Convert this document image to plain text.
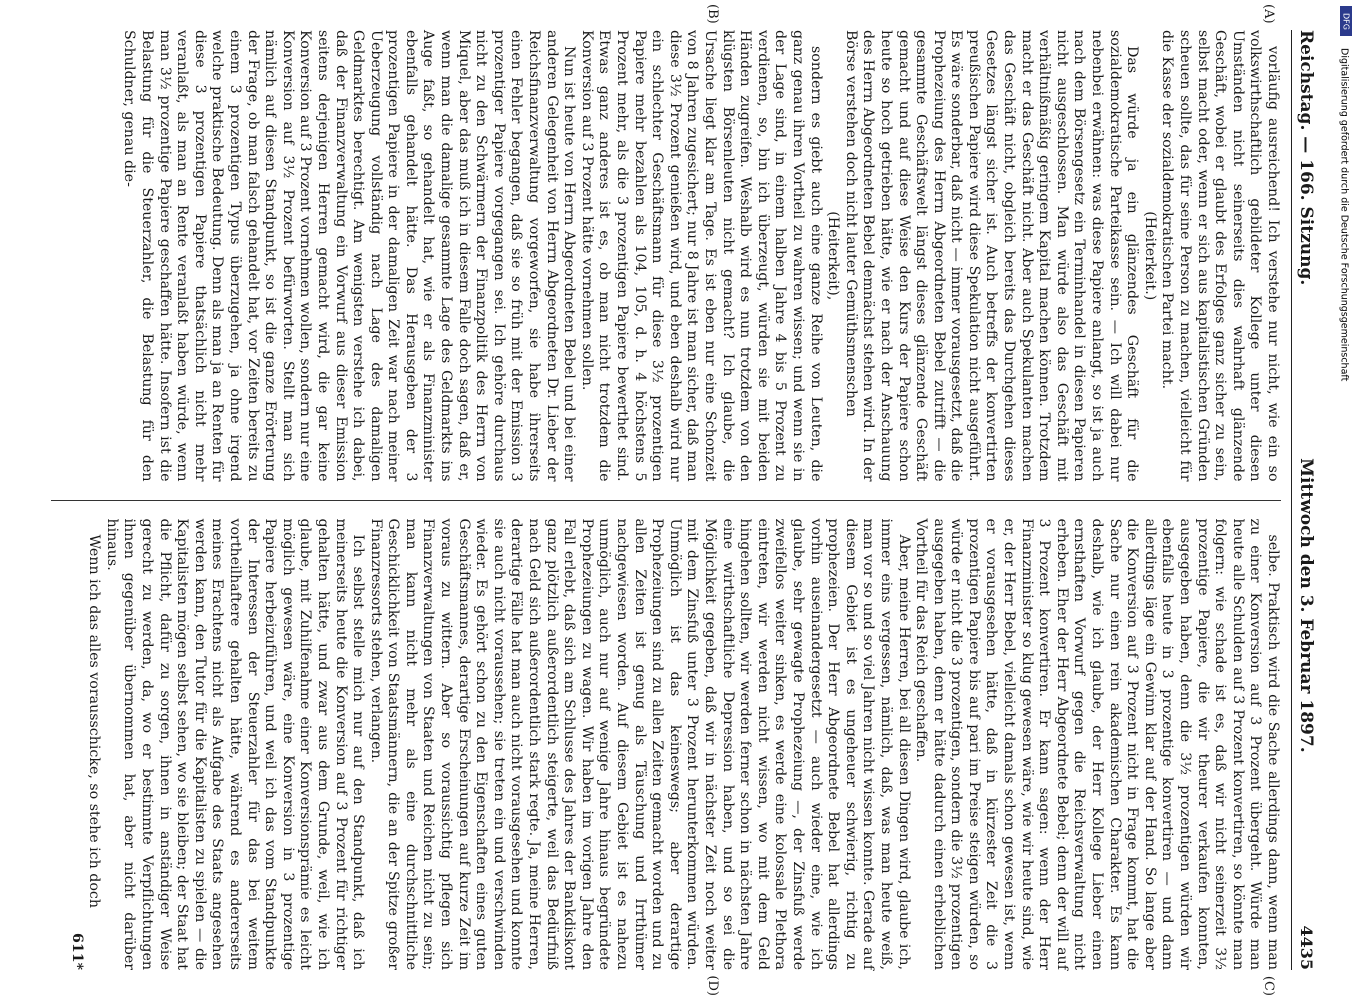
Reichstag. — 166. Sitzung.
Mittwoch den 3. Februar 1897.
4435

vorläufig ausreichend! Ich verstehe nur nicht, wie ein so volkswirthschaftlich gebildeter Kollege unter diesen Umständen nicht seinerseits dies wahrhaft glänzende Geschäft, wobei er glaubt des Erfolges ganz sicher zu sein, selbst macht oder, wenn er sich aus kapitalistischen Gründen scheuen sollte, das für seine Person zu machen, vielleicht für die Kasse der sozialdemokratischen Partei macht.

(Heiterkeit.)

Das würde ja ein glänzendes Geschäft für die sozialdemokratische Parteikasse sein. — Ich will dabei nur nebenbei erwähnen: was diese Papiere anlangt, so ist ja auch nach dem Börsengesetz ein Terminhandel in diesen Papieren nicht ausgeschlossen. Man würde also das Geschäft mit verhältnißmäßig geringem Kapital machen können. Trotzdem macht er das Geschäft nicht. Aber auch Spekulanten machen das Geschäft nicht, obgleich bereits das Durchgehen dieses Gesetzes längst sicher ist. Auch betreffs der konvertirten preußischen Papiere wird diese Spekulation nicht ausgeführt. Es wäre sonderbar, daß nicht — immer vorausgesetzt, daß die Prophezeiung des Herrn Abgeordneten Bebel zutrifft — die gesammte Geschäftswelt längst dieses glänzende Geschäft gemacht und auf diese Weise den Kurs der Papiere schon heute so hoch getrieben hätte, wie er nach der Anschauung des Herrn Abgeordneten Bebel demnächst stehen wird. In der Börse verstehen doch nicht lauter Gemüthsmenschen

(Heiterkeit),

sondern es giebt auch eine ganze Reihe von Leuten, die ganz genau ihren Vortheil zu wahren wissen; und wenn sie in der Lage sind, in einem halben Jahre 4 bis 5 Prozent zu verdienen, so, bin ich überzeugt, würden sie mit beiden Händen zugreifen. Weshalb wird es nun trotzdem von den klügsten Börsenleuten nicht gemacht? Ich glaube, die Ursache liegt klar am Tage. Es ist eben nur eine Schonzeit von 8 Jahren zugesichert; nur 8 Jahre ist man sicher, daß man diese 3½ Prozent genießen wird, und eben deshalb wird nur ein schlechter Geschäftsmann für diese 3½ prozentigen Papiere mehr bezahlen als 104, 105, d. h. 4 höchstens 5 Prozent mehr, als die 3 prozentigen Papiere bewerthet sind. Etwas ganz anderes ist es, ob man nicht trotzdem die Konversion auf 3 Prozent hätte vornehmen sollen.

Nun ist heute von Herrn Abgeordneten Bebel und bei einer anderen Gelegenheit von Herrn Abgeordneten Dr. Lieber der Reichsfinanzverwaltung vorgeworfen, sie habe ihrerseits einen Fehler begangen, daß sie so früh mit der Emission 3 prozentiger Papiere vorgegangen sei. Ich gehöre durchaus nicht zu den Schwärmern der Finanzpolitik des Herrn von Miquel, aber das muß ich in diesem Falle doch sagen, daß er, wenn man die damalige gesammte Lage des Geldmarkts ins Auge faßt, so gehandelt hat, wie er als Finanzminister ebenfalls gehandelt hätte. Das Herausgeben der 3 prozentigen Papiere in der damaligen Zeit war nach meiner Ueberzeugung vollständig nach Lage des damaligen Geldmarktes berechtigt. Am wenigsten verstehe ich dabei, daß der Finanzverwaltung ein Vorwurf aus dieser Emission seitens derjenigen Herren gemacht wird, die gar keine Konversion auf 3 Prozent vornehmen wollen, sondern nur eine Konversion auf 3½ Prozent befürworten. Stellt man sich nämlich auf diesen Standpunkt, so ist die ganze Erörterung der Frage, ob man falsch gehandelt hat, vor Zeiten bereits zu einem 3 prozentigen Typus überzugehen, ja ohne irgend welche praktische Bedeutung. Denn als man ja an Renten für diese 3 prozentigen Papiere thatsächlich nicht mehr veranlaßt, als man an Rente veranlaßt haben würde, wenn man 3½ prozentige Papiere geschaffen hätte. Insofern ist die Belastung für die Steuerzahler, die Belastung für den Schuldner, genau die-

(A)
(B)

selbe. Praktisch wird die Sache allerdings dann, wenn man zu einer Konversion auf 3 Prozent übergeht. Würde man heute alle Schulden auf 3 Prozent konvertiren, so könnte man folgern: wie schade ist es, daß wir nicht seinerzeit 3½ prozentige Papiere, die wir theurer verkaufen konnten, ausgegeben haben, denn die 3½ prozentigen würden wir ebenfalls heute in 3 prozentige konvertiren — und dann allerdings läge ein Gewinn klar auf der Hand. So lange aber die Konversion auf 3 Prozent nicht in Frage kommt, hat die Sache nur einen rein akademischen Charakter. Es kann deshalb, wie ich glaube, der Herr Kollege Lieber einen ernsthaften Vorwurf gegen die Reichsverwaltung nicht erheben. Eher der Herr Abgeordnete Bebel; denn der will auf 3 Prozent konvertiren. Er kann sagen: wenn der Herr Finanzminister so klug gewesen wäre, wie wir heute sind, wie er, der Herr Bebel, vielleicht damals schon gewesen ist, wenn er vorausgesehen hätte, daß in kürzester Zeit die 3 prozentigen Papiere bis auf pari im Preise steigen würden, so würde er nicht die 3 prozentigen, sondern die 3½ prozentigen ausgegeben haben, denn er hätte dadurch einen erheblichen Vortheil für das Reich geschaffen.

Aber, meine Herren, bei all diesen Dingen wird, glaube ich, immer eins vergessen, nämlich, daß, was man heute weiß, man vor so und so viel Jahren nicht wissen konnte. Gerade auf diesem Gebiet ist es ungeheuer schwierig, richtig zu prophezeien. Der Herr Abgeordnete Bebel hat allerdings vorhin auseinandergesetzt — auch wieder eine, wie ich glaube, sehr gewagte Prophezeiung —, der Zinsfuß werde zweifellos weiter sinken, es werde eine kolossale Plethora eintreten, wir werden nicht wissen, wo mit dem Geld hingehen sollten, wir werden ferner schon in nächsten Jahre eine wirthschaftliche Depression haben, und so sei die Möglichkeit gegeben, daß wir in nächster Zeit noch weiter mit dem Zinsfuß unter 3 Prozent herunterkommen würden. Unmöglich ist das keineswegs; aber derartige Prophezeiungen sind zu allen Zeiten gemacht worden und zu allen Zeiten ist genug als Täuschung und Irrthümer nachgewiesen worden. Auf diesem Gebiet ist es nahezu unmöglich, auch nur auf wenige Jahre hinaus begründete Prophezeiungen zu wagen. Wir haben im vorigen Jahre den Fall erlebt, daß sich am Schlusse des Jahres der Bankdiskont ganz plötzlich außerordentlich steigerte, weil das Bedürfniß nach Geld sich außerordentlich stark regte. Ja, meine Herren, derartige Fälle hat man auch nicht vorausgesehen und konnte sie auch nicht voraussehen; sie treten ein und verschwinden wieder. Es gehört schon zu den Eigenschaften eines guten Geschäftsmannes, derartige Erscheinungen auf kurze Zeit im voraus zu wittern. Aber so voraussichtig pflegen sich Finanzverwaltungen von Staaten und Reichen nicht zu sein; man kann nicht mehr als eine durchschnittliche Geschicklichkeit von Staatsmännern, die an der Spitze großer Finanzressorts stehen, verlangen.

Ich selbst stelle mich nur auf den Standpunkt, daß ich meinerseits heute die Konversion auf 3 Prozent für richtiger gehalten hätte, und zwar aus dem Grunde, weil, wie ich glaube, mit Zuhilfenahme einer Konversionsprämie es leicht möglich gewesen wäre, eine Konversion in 3 prozentige Papiere herbeizuführen, und weil ich das vom Standpunkte der Interessen der Steuerzahler für das bei weitem vortheilhaftere gehalten hätte, während es andererseits meines Erachtens nicht als Aufgabe des Staats angesehen werden kann, den Tutor für die Kapitalisten zu spielen — die Kapitalisten mögen selbst sehen, wo sie bleiben; der Staat hat die Pflicht, dafür zu sorgen, ihnen in anständiger Weise gerecht zu werden, da, wo er bestimmte Verpflichtungen ihnen gegenüber übernommen hat, aber nicht darüber hinaus.

Wenn ich das alles vorausschicke, so stehe ich doch

611*

(C)
(D)
DFG
Digitalisierung gefördert durch die Deutsche Forschungsgemeinschaft
